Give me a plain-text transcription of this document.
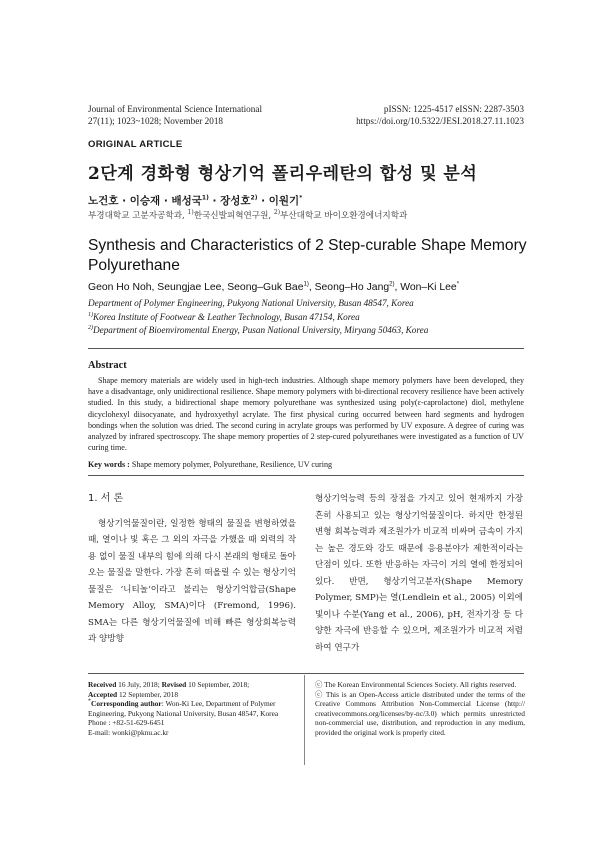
Journal of Environmental Science International
27(11); 1023~1028; November 2018
pISSN: 1225-4517 eISSN: 2287-3503
https://doi.org/10.5322/JESI.2018.27.11.1023
ORIGINAL ARTICLE
2단계 경화형 형상기억 폴리우레탄의 합성 및 분석
노건호 · 이승재 · 배성국$^{1)}$ · 장성호$^{2)}$ · 이원기*
부경대학교 고분자공학과, $^{1)}$한국신발피혁연구원, $^{2)}$부산대학교 바이오환경에너지학과
Synthesis and Characteristics of 2 Step-curable Shape Memory Polyurethane
Geon Ho Noh, Seungjae Lee, Seong–Guk Bae$^{1)}$, Seong–Ho Jang$^{2)}$, Won–Ki Lee*
Department of Polymer Engineering, Pukyong National University, Busan 48547, Korea
$^{1)}$Korea Institute of Footwear & Leather Technology, Busan 47154, Korea
$^{2)}$Department of Bioenviromental Energy, Pusan National University, Miryang 50463, Korea
Abstract
Shape memory materials are widely used in high-tech industries. Although shape memory polymers have been developed, they have a disadvantage, only unidirectional resilience. Shape memory polymers with bi-directional recovery resilience have been actively studied. In this study, a bidirectional shape memory polyurethane was synthesized using poly(ε-caprolactone) diol, methylene dicyclohexyl diisocyanate, and hydroxyethyl acrylate. The first physical curing occurred between hard segments and hydrogen bondings when the solution was dried. The second curing in acrylate groups was performed by UV exposure. A degree of curing was analyzed by infrared spectroscopy. The shape memory properties of 2 step-cured polyurethanes were investigated as a function of UV curing time.
Key words : Shape memory polymer, Polyurethane, Resilience, UV curing
1. 서 론

형상기억물질이란, 일정한 형태의 물질을 변형하였을 때, 열이나 빛 혹은 그 외의 자극을 가했을 때 외력의 작용 없이 물질 내부의 힘에 의해 다시 본래의 형태로 돌아오는 물질을 말한다. 가장 흔히 떠올릴 수 있는 형상기억 물질은 ‘니티놀’이라고 불리는 형상기억합금(Shape Memory Alloy, SMA)이다 (Fremond, 1996). SMA는 다른 형상기억물질에 비해 빠른 형상회복능력과 양방향

형상기억능력 등의 장점을 가지고 있어 현재까지 가장 흔히 사용되고 있는 형상기억물질이다. 하지만 한정된 변형 회복능력과 제조원가가 비교적 비싸며 금속이 가지는 높은 경도와 강도 때문에 응용분야가 제한적이라는 단점이 있다. 또한 반응하는 자극이 거의 열에 한정되어 있다. 반면, 형상기억고분자(Shape Memory Polymer, SMP)는 열(Lendlein et al., 2005) 이외에 빛이나 수분(Yang et al., 2006), pH, 전자기장 등 다양한 자극에 반응할 수 있으며, 제조원가가 비교적 저렴하여 연구가

Received 16 July, 2018; Revised 10 September, 2018;
Accepted 12 September, 2018
*Corresponding author: Won-Ki Lee, Department of Polymer Engineering, Pukyong National University, Busan 48547, Korea
Phone : +82-51-629-6451
E-mail: wonki@pknu.ac.kr
ⓒ The Korean Environmental Sciences Society. All rights reserved.
ⓒ This is an Open-Access article distributed under the terms of the Creative Commons Attribution Non-Commercial License (http:// creativecommons.org/licenses/by-nc/3.0) which permits unrestricted non-commercial use, distribution, and reproduction in any medium, provided the original work is properly cited.
